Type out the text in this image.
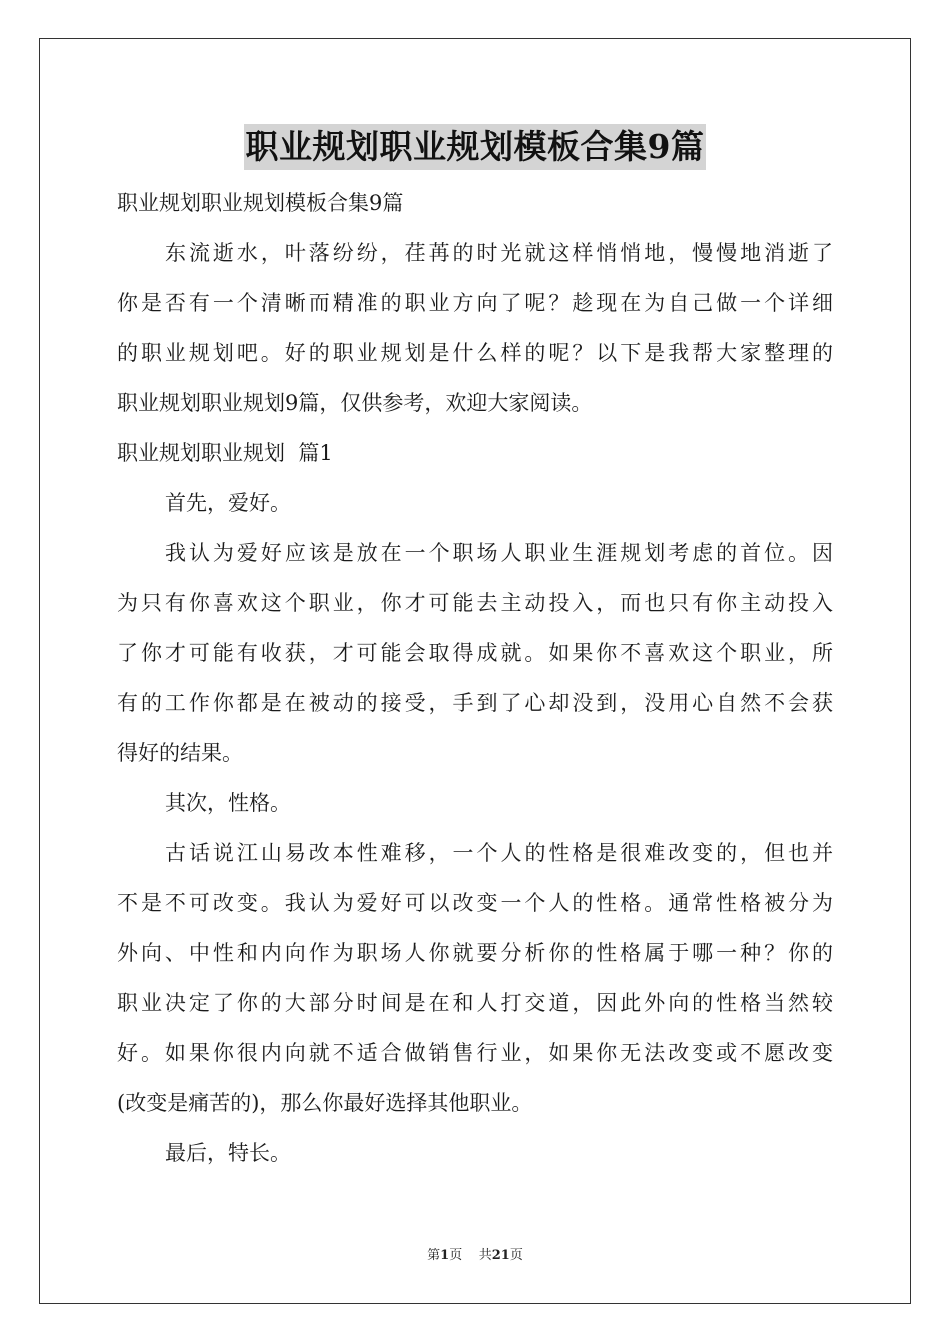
职业规划职业规划模板合集9篇
职业规划职业规划模板合集9篇
东流逝水，叶落纷纷，荏苒的时光就这样悄悄地，慢慢地消逝了
你是否有一个清晰而精准的职业方向了呢？趁现在为自己做一个详细
的职业规划吧。好的职业规划是什么样的呢？以下是我帮大家整理的
职业规划职业规划9篇，仅供参考，欢迎大家阅读。
职业规划职业规划  篇1
首先，爱好。
我认为爱好应该是放在一个职场人职业生涯规划考虑的首位。因
为只有你喜欢这个职业，你才可能去主动投入，而也只有你主动投入
了你才可能有收获，才可能会取得成就。如果你不喜欢这个职业，所
有的工作你都是在被动的接受，手到了心却没到，没用心自然不会获
得好的结果。
其次，性格。
古话说江山易改本性难移，一个人的性格是很难改变的，但也并
不是不可改变。我认为爱好可以改变一个人的性格。通常性格被分为
外向、中性和内向作为职场人你就要分析你的性格属于哪一种？你的
职业决定了你的大部分时间是在和人打交道，因此外向的性格当然较
好。如果你很内向就不适合做销售行业，如果你无法改变或不愿改变
(改变是痛苦的)，那么你最好选择其他职业。
最后，特长。
第1页    共21页
